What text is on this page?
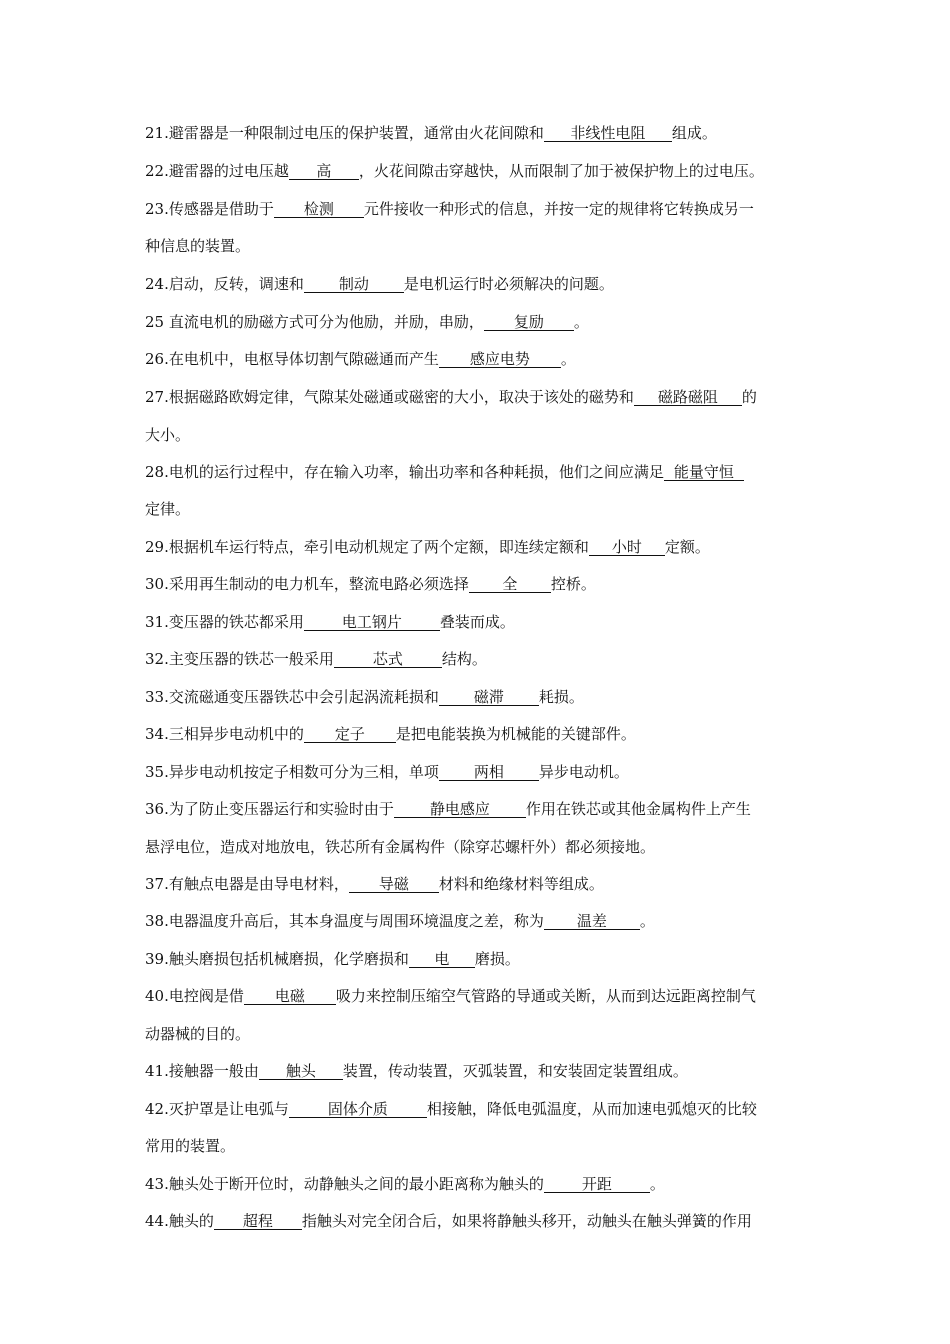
21.避雷器是一种限制过电压的保护装置，通常由火花间隙和 非线性电阻 组成。
22.避雷器的过电压越 高 ，火花间隙击穿越快，从而限制了加于被保护物上的过电压。
23.传感器是借助于 检测 元件接收一种形式的信息，并按一定的规律将它转换成另一
种信息的装置。
24.启动，反转，调速和 制动 是电机运行时必须解决的问题。
25 直流电机的励磁方式可分为他励，并励，串励， 复励 。
26.在电机中，电枢导体切割气隙磁通而产生 感应电势 。
27.根据磁路欧姆定律，气隙某处磁通或磁密的大小，取决于该处的磁势和 磁路磁阻 的
大小。
28.电机的运行过程中，存在输入功率，输出功率和各种耗损，他们之间应满足 能量守恒
定律。
29.根据机车运行特点，牵引电动机规定了两个定额，即连续定额和 小时 定额。
30.采用再生制动的电力机车，整流电路必须选择 全 控桥。
31.变压器的铁芯都采用	电工钢片	叠装而成。
32.主变压器的铁芯一般采用	芯式	结构。
33.交流磁通变压器铁芯中会引起涡流耗损和 磁滞 耗损。
34.三相异步电动机中的 定子 是把电能装换为机械能的关键部件。
35.异步电动机按定子相数可分为三相，单项 两相 异步电动机。
36.为了防止变压器运行和实验时由于 静电感应 作用在铁芯或其他金属构件上产生
悬浮电位，造成对地放电，铁芯所有金属构件（除穿芯螺杆外）都必须接地。
37.有触点电器是由导电材料， 导磁 材料和绝缘材料等组成。
38.电器温度升高后，其本身温度与周围环境温度之差，称为 温差 。
39.触头磨损包括机械磨损，化学磨损和 电 磨损。
40.电控阀是借 电磁 吸力来控制压缩空气管路的导通或关断，从而到达远距离控制气
动器械的目的。
41.接触器一般由 触头 装置，传动装置，灭弧装置，和安装固定装置组成。
42.灭护罩是让电弧与	固体介质	相接触，降低电弧温度，从而加速电弧熄灭的比较
常用的装置。
43.触头处于断开位时，动静触头之间的最小距离称为触头的	开距	。
44.触头的 超程 指触头对完全闭合后，如果将静触头移开，动触头在触头弹簧的作用
